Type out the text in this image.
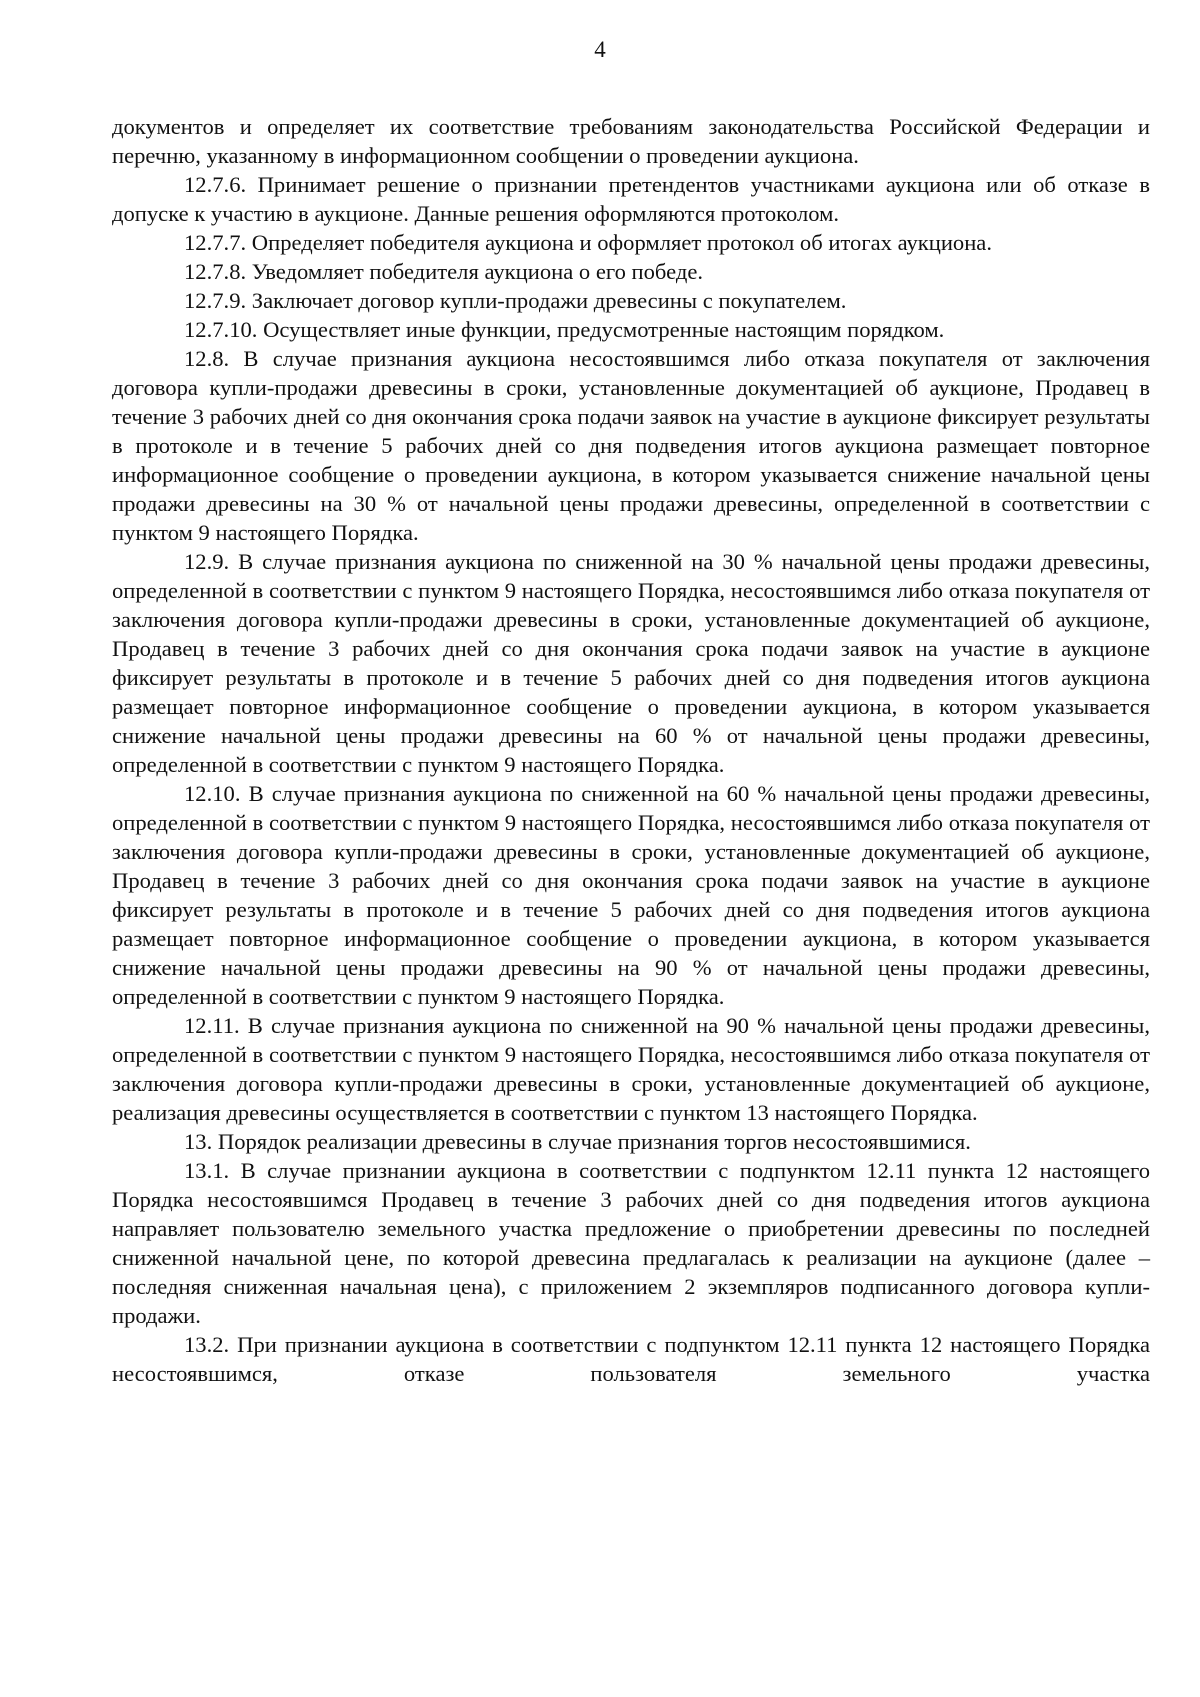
4

документов и определяет их соответствие требованиям законодательства Российской Федерации и перечню, указанному в информационном сообщении о проведении аукциона.

12.7.6. Принимает решение о признании претендентов участниками аукциона или об отказе в допуске к участию в аукционе. Данные решения оформляются протоколом.

12.7.7. Определяет победителя аукциона и оформляет протокол об итогах аукциона.

12.7.8. Уведомляет победителя аукциона о его победе.

12.7.9. Заключает договор купли-продажи древесины с покупателем.

12.7.10. Осуществляет иные функции, предусмотренные настоящим порядком.

12.8. В случае признания аукциона несостоявшимся либо отказа покупателя от заключения договора купли-продажи древесины в сроки, установленные документацией об аукционе, Продавец в течение 3 рабочих дней со дня окончания срока подачи заявок на участие в аукционе фиксирует результаты в протоколе и в течение 5 рабочих дней со дня подведения итогов аукциона размещает повторное информационное сообщение о проведении аукциона, в котором указывается снижение начальной цены продажи древесины на 30 % от начальной цены продажи древесины, определенной в соответствии с пунктом 9 настоящего Порядка.

12.9. В случае признания аукциона по сниженной на 30 % начальной цены продажи древесины, определенной в соответствии с пунктом 9 настоящего Порядка, несостоявшимся либо отказа покупателя от заключения договора купли-продажи древесины в сроки, установленные документацией об аукционе, Продавец в течение 3 рабочих дней со дня окончания срока подачи заявок на участие в аукционе фиксирует результаты в протоколе и в течение 5 рабочих дней со дня подведения итогов аукциона размещает повторное информационное сообщение о проведении аукциона, в котором указывается снижение начальной цены продажи древесины на 60 % от начальной цены продажи древесины, определенной в соответствии с пунктом 9 настоящего Порядка.

12.10. В случае признания аукциона по сниженной на 60 % начальной цены продажи древесины, определенной в соответствии с пунктом 9 настоящего Порядка, несостоявшимся либо отказа покупателя от заключения договора купли-продажи древесины в сроки, установленные документацией об аукционе, Продавец в течение 3 рабочих дней со дня окончания срока подачи заявок на участие в аукционе фиксирует результаты в протоколе и в течение 5 рабочих дней со дня подведения итогов аукциона размещает повторное информационное сообщение о проведении аукциона, в котором указывается снижение начальной цены продажи древесины на 90 % от начальной цены продажи древесины, определенной в соответствии с пунктом 9 настоящего Порядка.

12.11. В случае признания аукциона по сниженной на 90 % начальной цены продажи древесины, определенной в соответствии с пунктом 9 настоящего Порядка, несостоявшимся либо отказа покупателя от заключения договора купли-продажи древесины в сроки, установленные документацией об аукционе, реализация древесины осуществляется в соответствии с пунктом 13 настоящего Порядка.

13. Порядок реализации древесины в случае признания торгов несостоявшимися.

13.1. В случае признании аукциона в соответствии с подпунктом 12.11 пункта 12 настоящего Порядка несостоявшимся Продавец в течение 3 рабочих дней со дня подведения итогов аукциона направляет пользователю земельного участка предложение о приобретении древесины по последней сниженной начальной цене, по которой древесина предлагалась к реализации на аукционе (далее – последняя сниженная начальная цена), с приложением 2 экземпляров подписанного договора купли-продажи.

13.2. При признании аукциона в соответствии с подпунктом 12.11 пункта 12 настоящего Порядка несостоявшимся, отказе пользователя земельного участка
